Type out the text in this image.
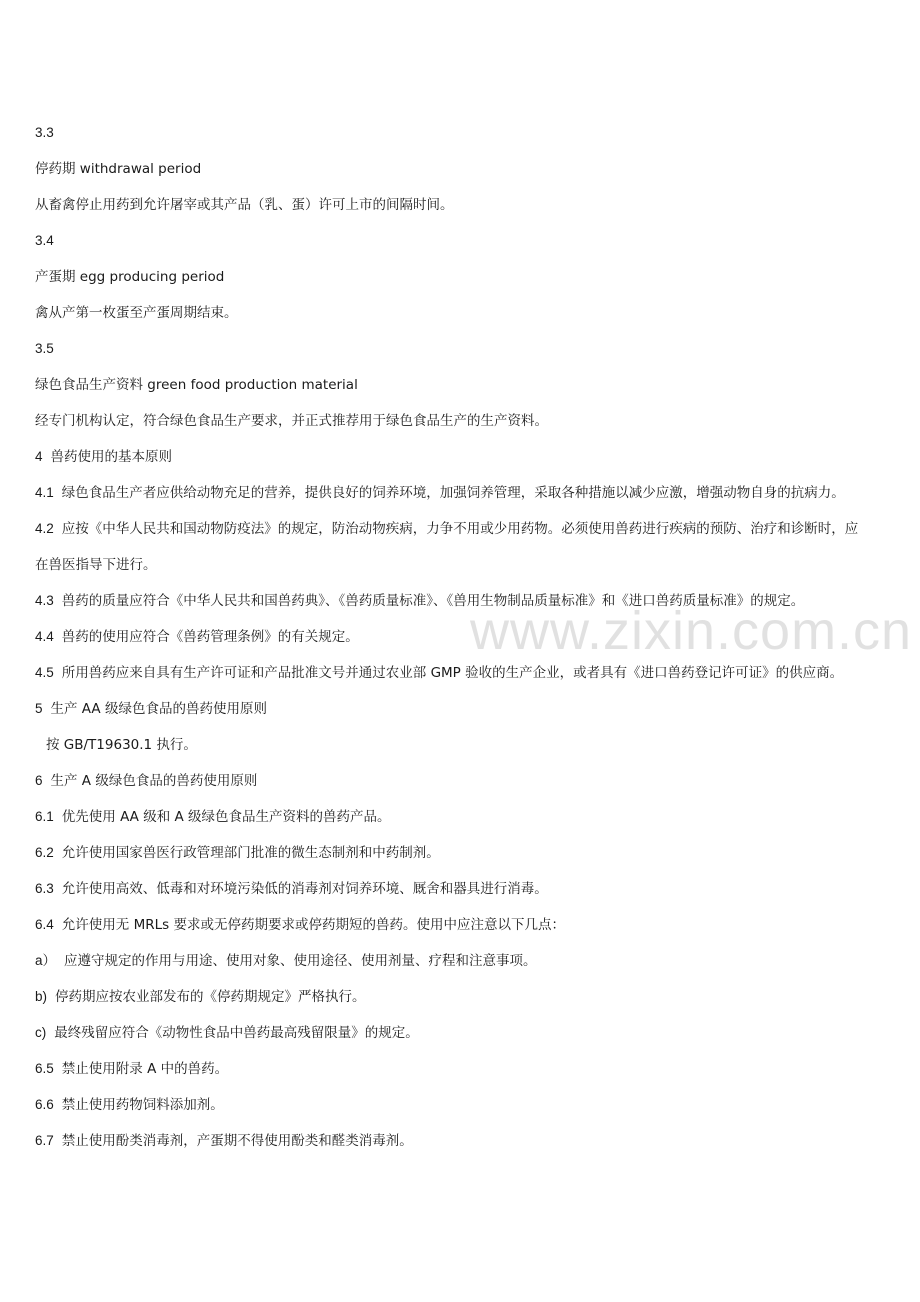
www.zixin.com.cn
3.3
停药期 withdrawal period
从畜禽停止用药到允许屠宰或其产品（乳、蛋）许可上市的间隔时间。
3.4
产蛋期 egg producing period
禽从产第一枚蛋至产蛋周期结束。
3.5
绿色食品生产资料 green food production material
经专门机构认定，符合绿色食品生产要求，并正式推荐用于绿色食品生产的生产资料。
4 兽药使用的基本原则
4.1 绿色食品生产者应供给动物充足的营养，提供良好的饲养环境，加强饲养管理，采取各种措施以减少应激，增强动物自身的抗病力。
4.2 应按《中华人民共和国动物防疫法》的规定，防治动物疾病，力争不用或少用药物。必须使用兽药进行疾病的预防、治疗和诊断时，应
在兽医指导下进行。
4.3 兽药的质量应符合《中华人民共和国兽药典》、《兽药质量标准》、《兽用生物制品质量标准》和《进口兽药质量标准》的规定。
4.4 兽药的使用应符合《兽药管理条例》的有关规定。
4.5 所用兽药应来自具有生产许可证和产品批准文号并通过农业部 GMP 验收的生产企业，或者具有《进口兽药登记许可证》的供应商。
5 生产 AA 级绿色食品的兽药使用原则
按 GB/T19630.1 执行。
6 生产 A 级绿色食品的兽药使用原则
6.1 优先使用 AA 级和 A 级绿色食品生产资料的兽药产品。
6.2 允许使用国家兽医行政管理部门批准的微生态制剂和中药制剂。
6.3 允许使用高效、低毒和对环境污染低的消毒剂对饲养环境、厩舍和器具进行消毒。
6.4 允许使用无 MRLs 要求或无停药期要求或停药期短的兽药。使用中应注意以下几点：
a） 应遵守规定的作用与用途、使用对象、使用途径、使用剂量、疗程和注意事项。
b) 停药期应按农业部发布的《停药期规定》严格执行。
c) 最终残留应符合《动物性食品中兽药最高残留限量》的规定。
6.5 禁止使用附录 A 中的兽药。
6.6 禁止使用药物饲料添加剂。
6.7 禁止使用酚类消毒剂，产蛋期不得使用酚类和醛类消毒剂。
